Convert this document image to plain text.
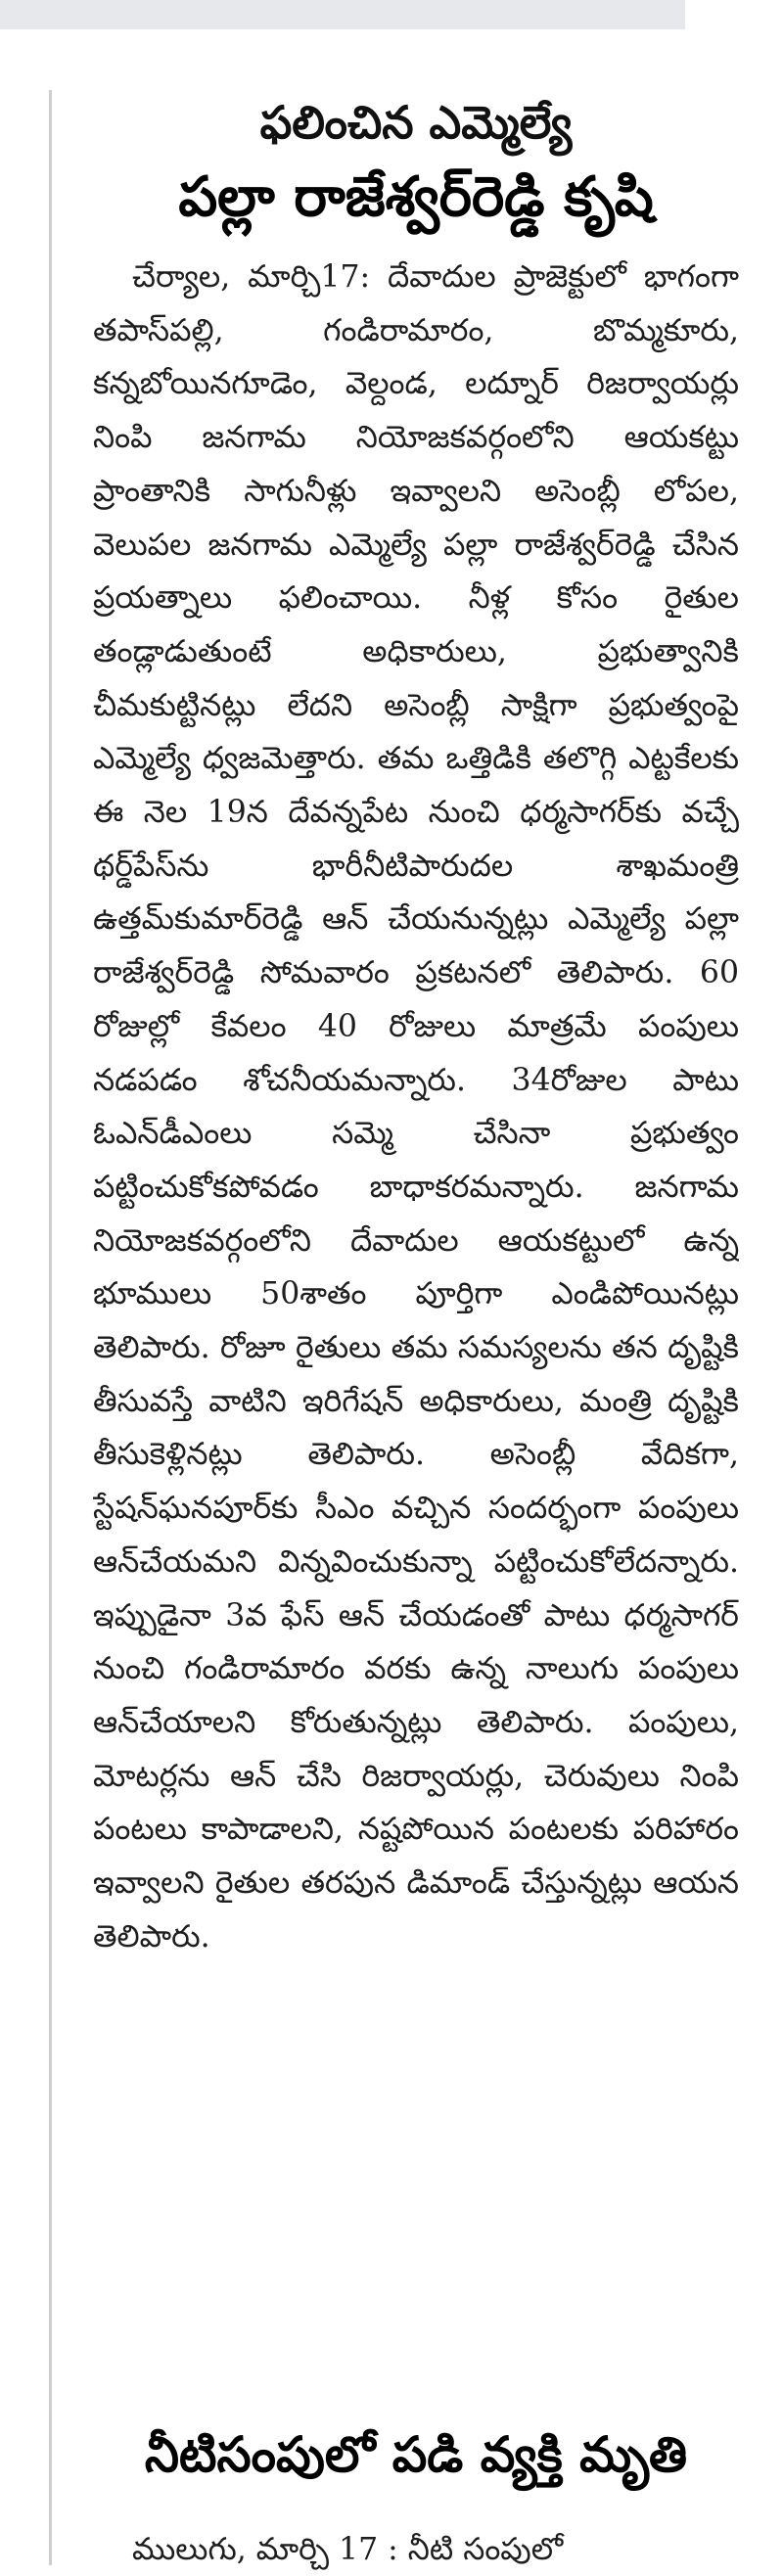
ఫలించిన ఎమ్మెల్యే
పల్లా రాజేశ్వర్‌రెడ్డి కృషి

చేర్యాల, మార్చి17: దేవాదుల ప్రాజెక్టులో భాగంగా తపాస్‌పల్లి, గండిరామారం, బొమ్మకూరు, కన్నబోయినగూడెం, వెల్దండ, లద్నూర్ రిజర్వాయర్లు నింపి జనగామ నియోజకవర్గంలోని ఆయకట్టు ప్రాంతానికి సాగునీళ్లు ఇవ్వాలని అసెంబ్లీ లోపల, వెలుపల జనగామ ఎమ్మెల్యే పల్లా రాజేశ్వర్‌రెడ్డి చేసిన ప్రయత్నాలు ఫలించాయి. నీళ్ల కోసం రైతుల తండ్లాడుతుంటే అధికారులు, ప్రభుత్వానికి చీమకుట్టినట్లు లేదని అసెంబ్లీ సాక్షిగా ప్రభుత్వంపై ఎమ్మెల్యే ధ్వజమెత్తారు. తమ ఒత్తిడికి తలొగ్గి ఎట్టకేలకు ఈ నెల 19న దేవన్నపేట నుంచి ధర్మసాగర్‌కు వచ్చే థర్డ్‌పేస్‌ను భారీనీటిపారుదల శాఖమంత్రి ఉత్తమ్‌కుమార్‌రెడ్డి ఆన్ చేయనున్నట్లు ఎమ్మెల్యే పల్లా రాజేశ్వర్‌రెడ్డి సోమవారం ప్రకటనలో తెలిపారు. 60 రోజుల్లో కేవలం 40 రోజులు మాత్రమే పంపులు నడపడం శోచనీయమన్నారు. 34రోజుల పాటు ఓఎన్‌డీఎంలు సమ్మె చేసినా ప్రభుత్వం పట్టించుకోకపోవడం బాధాకరమన్నారు. జనగామ నియోజకవర్గంలోని దేవాదుల ఆయకట్టులో ఉన్న భూములు 50శాతం పూర్తిగా ఎండిపోయినట్లు తెలిపారు. రోజూ రైతులు తమ సమస్యలను తన దృష్టికి తీసువస్తే వాటిని ఇరిగేషన్ అధికారులు, మంత్రి దృష్టికి తీసుకెళ్లినట్లు తెలిపారు. అసెంబ్లీ వేదికగా, స్టేషన్‌ఘనపూర్‌కు సీఎం వచ్చిన సందర్భంగా పంపులు ఆన్‌చేయమని విన్నవించుకున్నా పట్టించుకోలేదన్నారు. ఇప్పుడైనా 3వ ఫేస్ ఆన్ చేయడంతో పాటు ధర్మసాగర్ నుంచి గండిరామారం వరకు ఉన్న నాలుగు పంపులు ఆన్‌చేయాలని కోరుతున్నట్లు తెలిపారు. పంపులు, మోటర్లను ఆన్ చేసి రిజర్వాయర్లు, చెరువులు నింపి పంటలు కాపాడాలని, నష్టపోయిన పంటలకు పరిహారం ఇవ్వాలని రైతుల తరపున డిమాండ్ చేస్తున్నట్లు ఆయన తెలిపారు.

నీటిసంపులో పడి వ్యక్తి మృతి

ములుగు, మార్చి 17 : నీటి సంపులో
